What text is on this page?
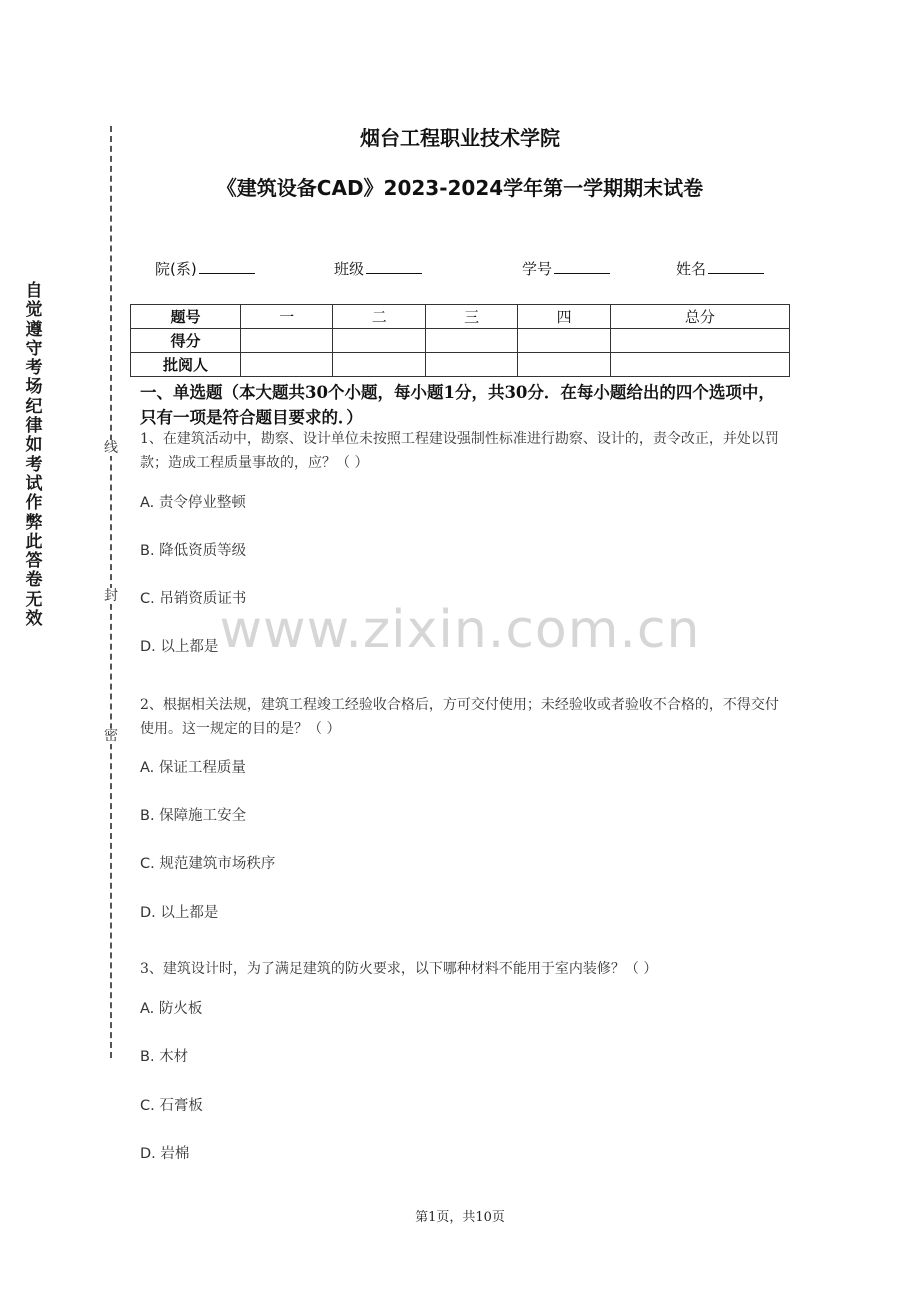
自觉遵守考场纪律如考试作弊此答卷无效
线
封
密
烟台工程职业技术学院
《建筑设备CAD》2023-2024学年第一学期期末试卷
院(系)	班级	学号	姓名
题号	一	二	三	四	总分
得分					
批阅人					
一、单选题（本大题共30个小题，每小题1分，共30分．在每小题给出的四个选项中，只有一项是符合题目要求的．）
1、在建筑活动中，勘察、设计单位未按照工程建设强制性标准进行勘察、设计的，责令改正，并处以罚款；造成工程质量事故的，应？（ ）
A. 责令停业整顿
B. 降低资质等级
C. 吊销资质证书
D. 以上都是
2、根据相关法规，建筑工程竣工经验收合格后，方可交付使用；未经验收或者验收不合格的，不得交付使用。这一规定的目的是？（ ）
A. 保证工程质量
B. 保障施工安全
C. 规范建筑市场秩序
D. 以上都是
3、建筑设计时，为了满足建筑的防火要求，以下哪种材料不能用于室内装修？（ ）
A. 防火板
B. 木材
C. 石膏板
D. 岩棉
www.zixin.com.cn
第1页，共10页
